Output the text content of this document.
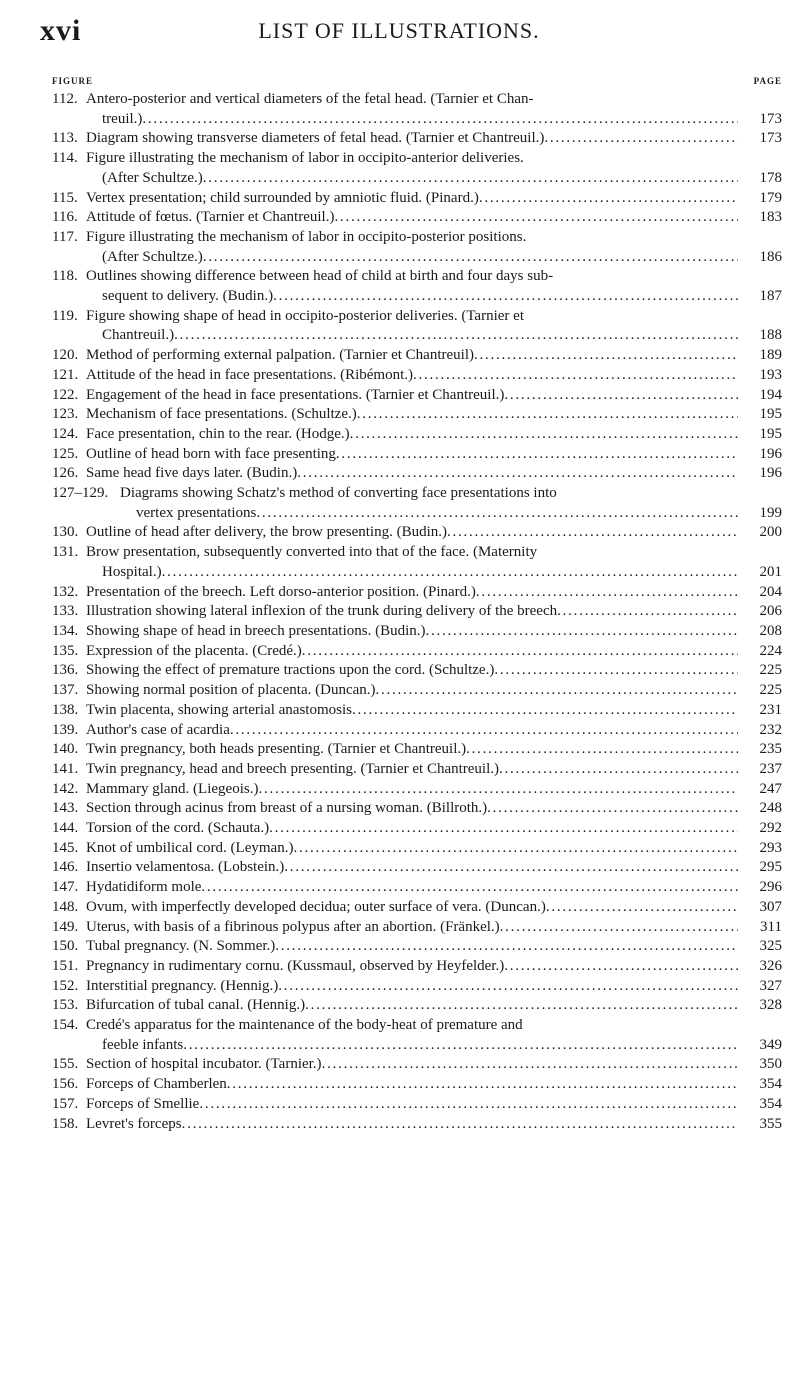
xvi	LIST OF ILLUSTRATIONS.
FIGURE	PAGE
112. Antero-posterior and vertical diameters of the fetal head. (Tarnier et Chan-
treuil.) . . .	173
113. Diagram showing transverse diameters of fetal head. (Tarnier et Chantreuil.) . . .	173
114. Figure illustrating the mechanism of labor in occipito-anterior deliveries.
(After Schultze.) . . .	178
115. Vertex presentation; child surrounded by amniotic fluid. (Pinard.) . . .	179
116. Attitude of fœtus. (Tarnier et Chantreuil.) . . .	183
117. Figure illustrating the mechanism of labor in occipito-posterior positions.
(After Schultze.) . . .	186
118. Outlines showing difference between head of child at birth and four days sub-
sequent to delivery. (Budin.) . . .	187
119. Figure showing shape of head in occipito-posterior deliveries. (Tarnier et
Chantreuil.) . . .	188
120. Method of performing external palpation. (Tarnier et Chantreuil) . . .	189
121. Attitude of the head in face presentations. (Ribémont.) . . .	193
122. Engagement of the head in face presentations. (Tarnier et Chantreuil.) . . .	194
123. Mechanism of face presentations. (Schultze.) . . .	195
124. Face presentation, chin to the rear. (Hodge.) . . .	195
125. Outline of head born with face presenting . . .	196
126. Same head five days later. (Budin.) . . .	196
127–129. Diagrams showing Schatz's method of converting face presentations into
vertex presentations . . .	199
130. Outline of head after delivery, the brow presenting. (Budin.) . . .	200
131. Brow presentation, subsequently converted into that of the face. (Maternity
Hospital.) . . .	201
132. Presentation of the breech. Left dorso-anterior position. (Pinard.) . . .	204
133. Illustration showing lateral inflexion of the trunk during delivery of the breech . . .	206
134. Showing shape of head in breech presentations. (Budin.) . . .	208
135. Expression of the placenta. (Credé.) . . .	224
136. Showing the effect of premature tractions upon the cord. (Schultze.) . . .	225
137. Showing normal position of placenta. (Duncan.) . . .	225
138. Twin placenta, showing arterial anastomosis . . .	231
139. Author's case of acardia . . .	232
140. Twin pregnancy, both heads presenting. (Tarnier et Chantreuil.) . . .	235
141. Twin pregnancy, head and breech presenting. (Tarnier et Chantreuil.) . . .	237
142. Mammary gland. (Liegeois.) . . .	247
143. Section through acinus from breast of a nursing woman. (Billroth.) . . .	248
144. Torsion of the cord. (Schauta.) . . .	292
145. Knot of umbilical cord. (Leyman.) . . .	293
146. Insertio velamentosa. (Lobstein.) . . .	295
147. Hydatidiform mole . . .	296
148. Ovum, with imperfectly developed decidua; outer surface of vera. (Duncan.) . . .	307
149. Uterus, with basis of a fibrinous polypus after an abortion. (Fränkel.) . . .	311
150. Tubal pregnancy. (N. Sommer.) . . .	325
151. Pregnancy in rudimentary cornu. (Kussmaul, observed by Heyfelder.) . . .	326
152. Interstitial pregnancy. (Hennig.) . . .	327
153. Bifurcation of tubal canal. (Hennig.) . . .	328
154. Credé's apparatus for the maintenance of the body-heat of premature and
feeble infants . . .	349
155. Section of hospital incubator. (Tarnier.) . . .	350
156. Forceps of Chamberlen . . .	354
157. Forceps of Smellie . . .	354
158. Levret's forceps . . .	355
